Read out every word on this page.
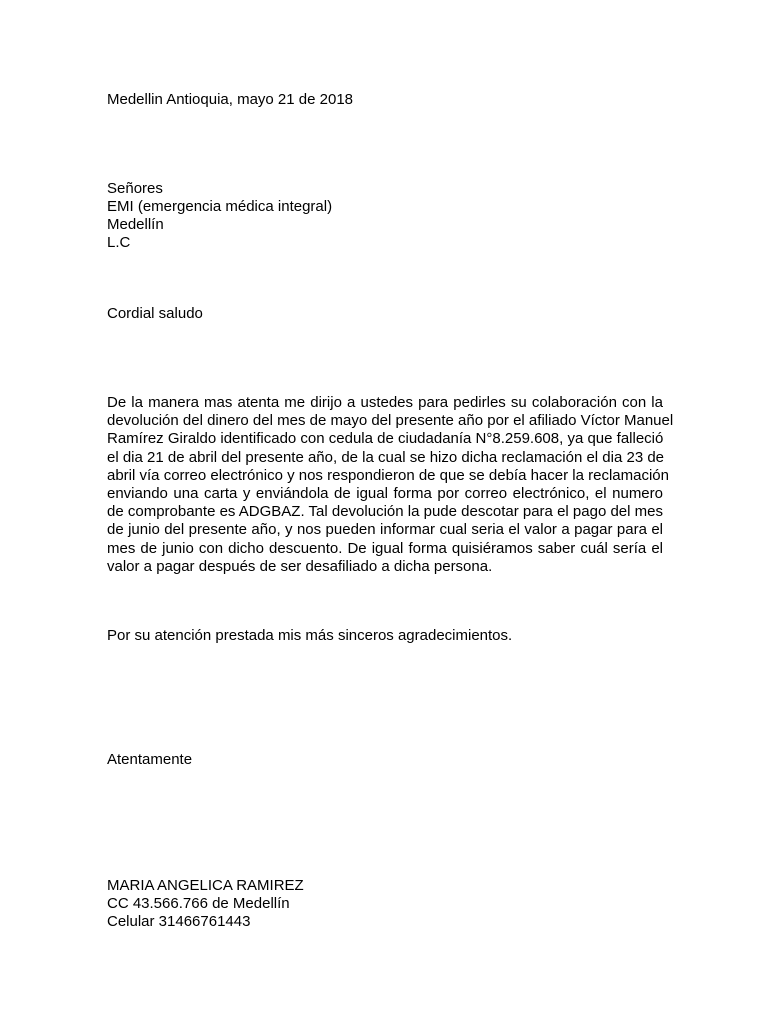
Medellin Antioquia, mayo 21 de 2018
Señores
EMI (emergencia médica integral)
Medellín
L.C
Cordial saludo
De la manera mas atenta me dirijo a ustedes para pedirles su colaboración con la
devolución del dinero del mes de mayo del presente año por el afiliado Víctor Manuel
Ramírez Giraldo identificado con cedula de ciudadanía N°8.259.608, ya que falleció
el dia 21 de abril del presente año, de la cual se hizo dicha reclamación el dia 23 de
abril vía correo electrónico y nos respondieron de que se debía hacer la reclamación
enviando una carta y enviándola de igual forma por correo electrónico, el numero
de comprobante es ADGBAZ. Tal devolución la pude descotar para el pago del mes
de junio del presente año, y nos pueden informar cual seria el valor a pagar para el
mes de junio con dicho descuento. De igual forma quisiéramos saber cuál sería el
valor a pagar después de ser desafiliado a dicha persona.
Por su atención prestada mis más sinceros agradecimientos.
Atentamente
MARIA ANGELICA RAMIREZ
CC 43.566.766 de Medellín
Celular 31466761443
